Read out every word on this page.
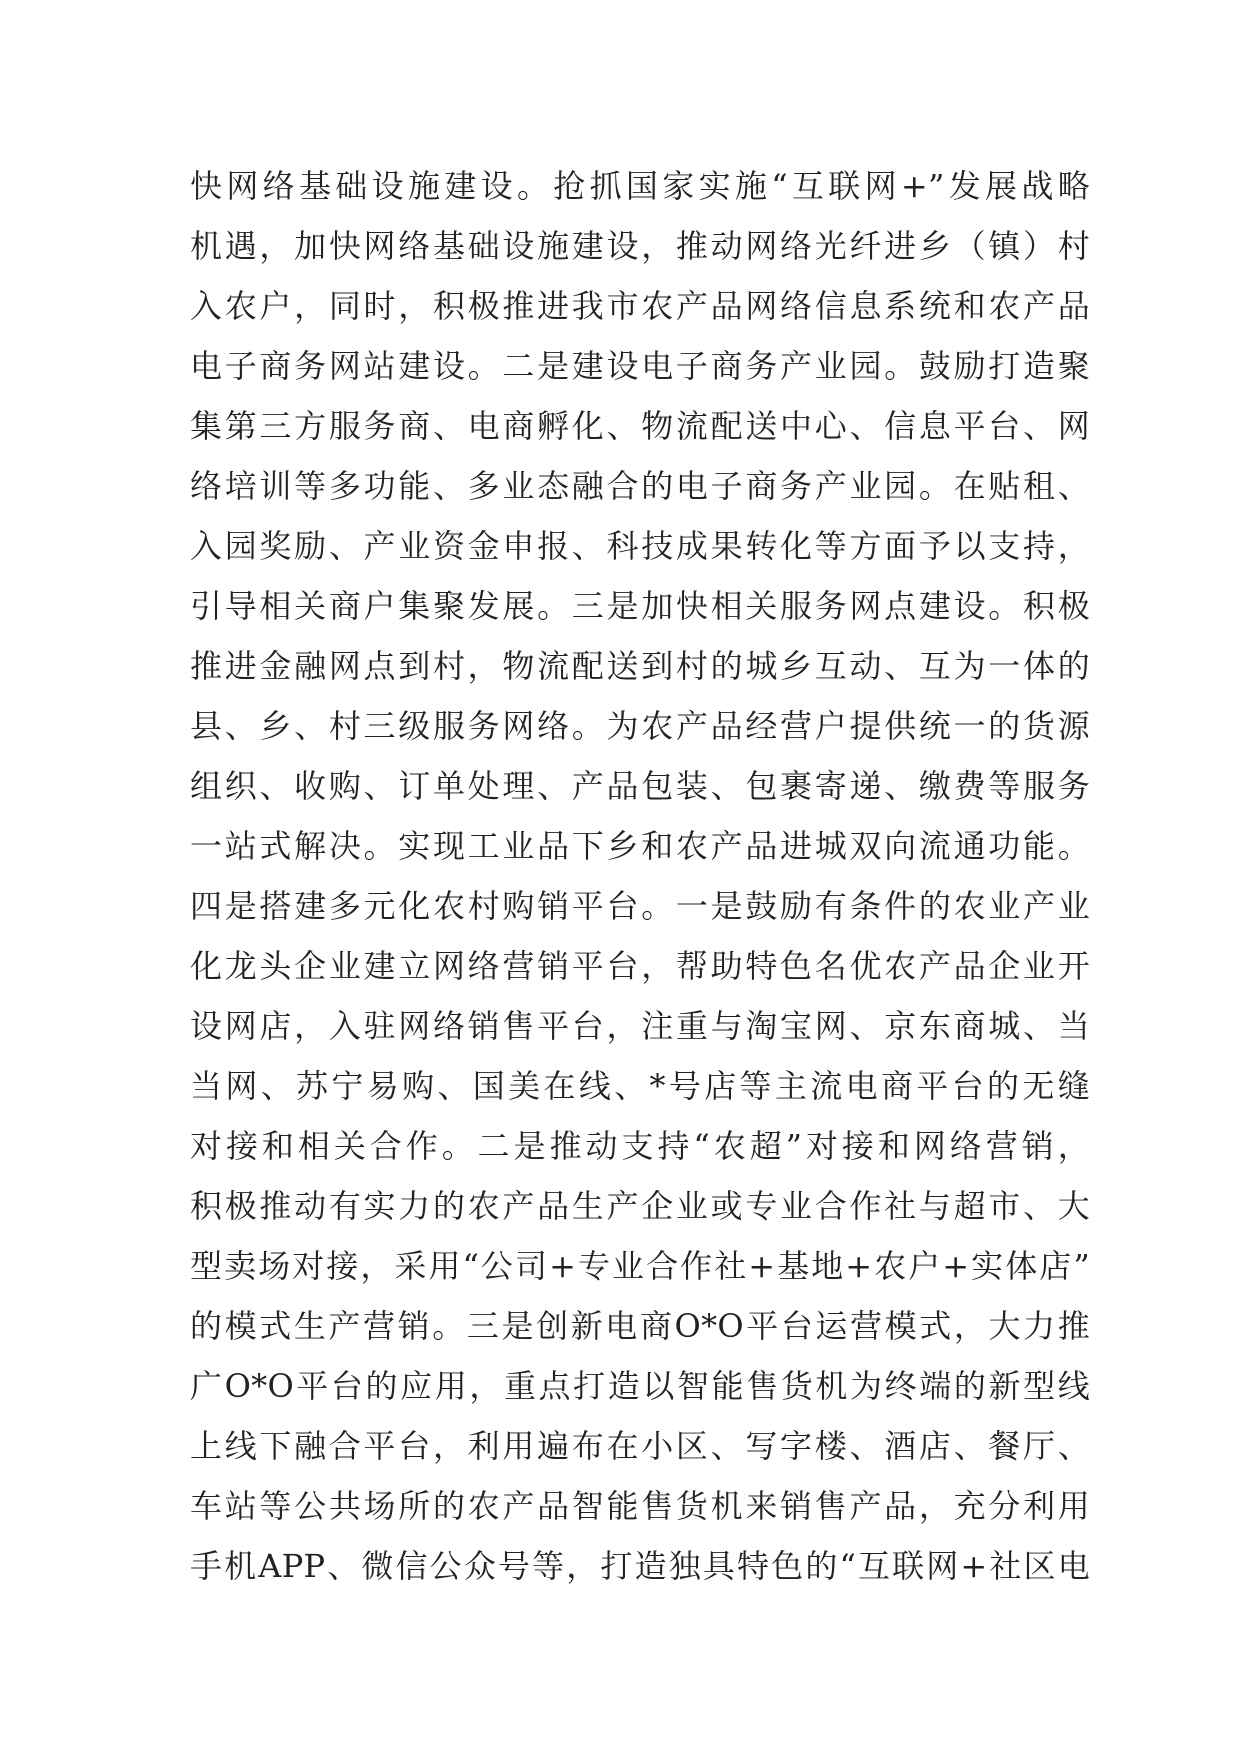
快网络基础设施建设。抢抓国家实施“互联网+”发展战略
机遇，加快网络基础设施建设，推动网络光纤进乡（镇）村
入农户，同时，积极推进我市农产品网络信息系统和农产品
电子商务网站建设。二是建设电子商务产业园。鼓励打造聚
集第三方服务商、电商孵化、物流配送中心、信息平台、网
络培训等多功能、多业态融合的电子商务产业园。在贴租、
入园奖励、产业资金申报、科技成果转化等方面予以支持，
引导相关商户集聚发展。三是加快相关服务网点建设。积极
推进金融网点到村，物流配送到村的城乡互动、互为一体的
县、乡、村三级服务网络。为农产品经营户提供统一的货源
组织、收购、订单处理、产品包装、包裹寄递、缴费等服务
一站式解决。实现工业品下乡和农产品进城双向流通功能。
四是搭建多元化农村购销平台。一是鼓励有条件的农业产业
化龙头企业建立网络营销平台，帮助特色名优农产品企业开
设网店，入驻网络销售平台，注重与淘宝网、京东商城、当
当网、苏宁易购、国美在线、*号店等主流电商平台的无缝
对接和相关合作。二是推动支持“农超”对接和网络营销，
积极推动有实力的农产品生产企业或专业合作社与超市、大
型卖场对接，采用“公司+专业合作社+基地+农户+实体店”
的模式生产营销。三是创新电商O*O平台运营模式，大力推
广O*O平台的应用，重点打造以智能售货机为终端的新型线
上线下融合平台，利用遍布在小区、写字楼、酒店、餐厅、
车站等公共场所的农产品智能售货机来销售产品，充分利用
手机APP、微信公众号等，打造独具特色的“互联网+社区电
